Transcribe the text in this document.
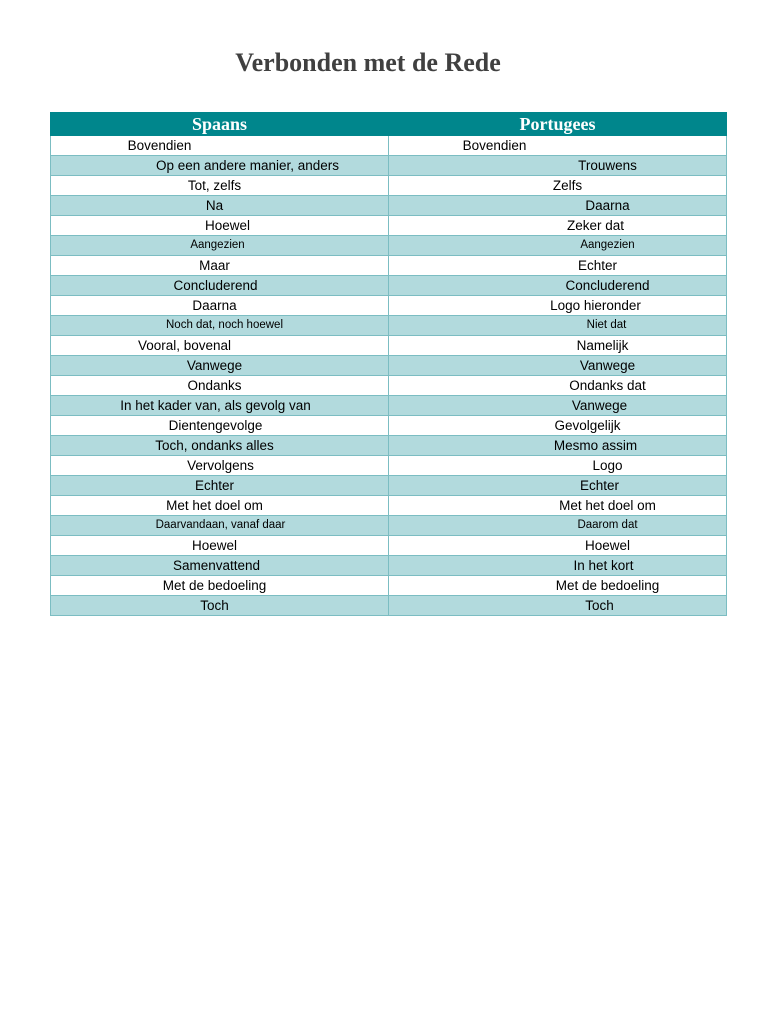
Verbonden met de Rede
Spaans	Portugees
Bovendien	Bovendien
Op een andere manier, anders	Trouwens
Tot, zelfs	Zelfs
Na	Daarna
Hoewel	Zeker dat
Aangezien	Aangezien
Maar	Echter
Concluderend	Concluderend
Daarna	Logo hieronder
Noch dat, noch hoewel	Niet dat
Vooral, bovenal	Namelijk
Vanwege	Vanwege
Ondanks	Ondanks dat
In het kader van, als gevolg van	Vanwege
Dientengevolge	Gevolgelijk
Toch, ondanks alles	Mesmo assim
Vervolgens	Logo
Echter	Echter
Met het doel om	Met het doel om
Daarvandaan, vanaf daar	Daarom dat
Hoewel	Hoewel
Samenvattend	In het kort
Met de bedoeling	Met de bedoeling
Toch	Toch
